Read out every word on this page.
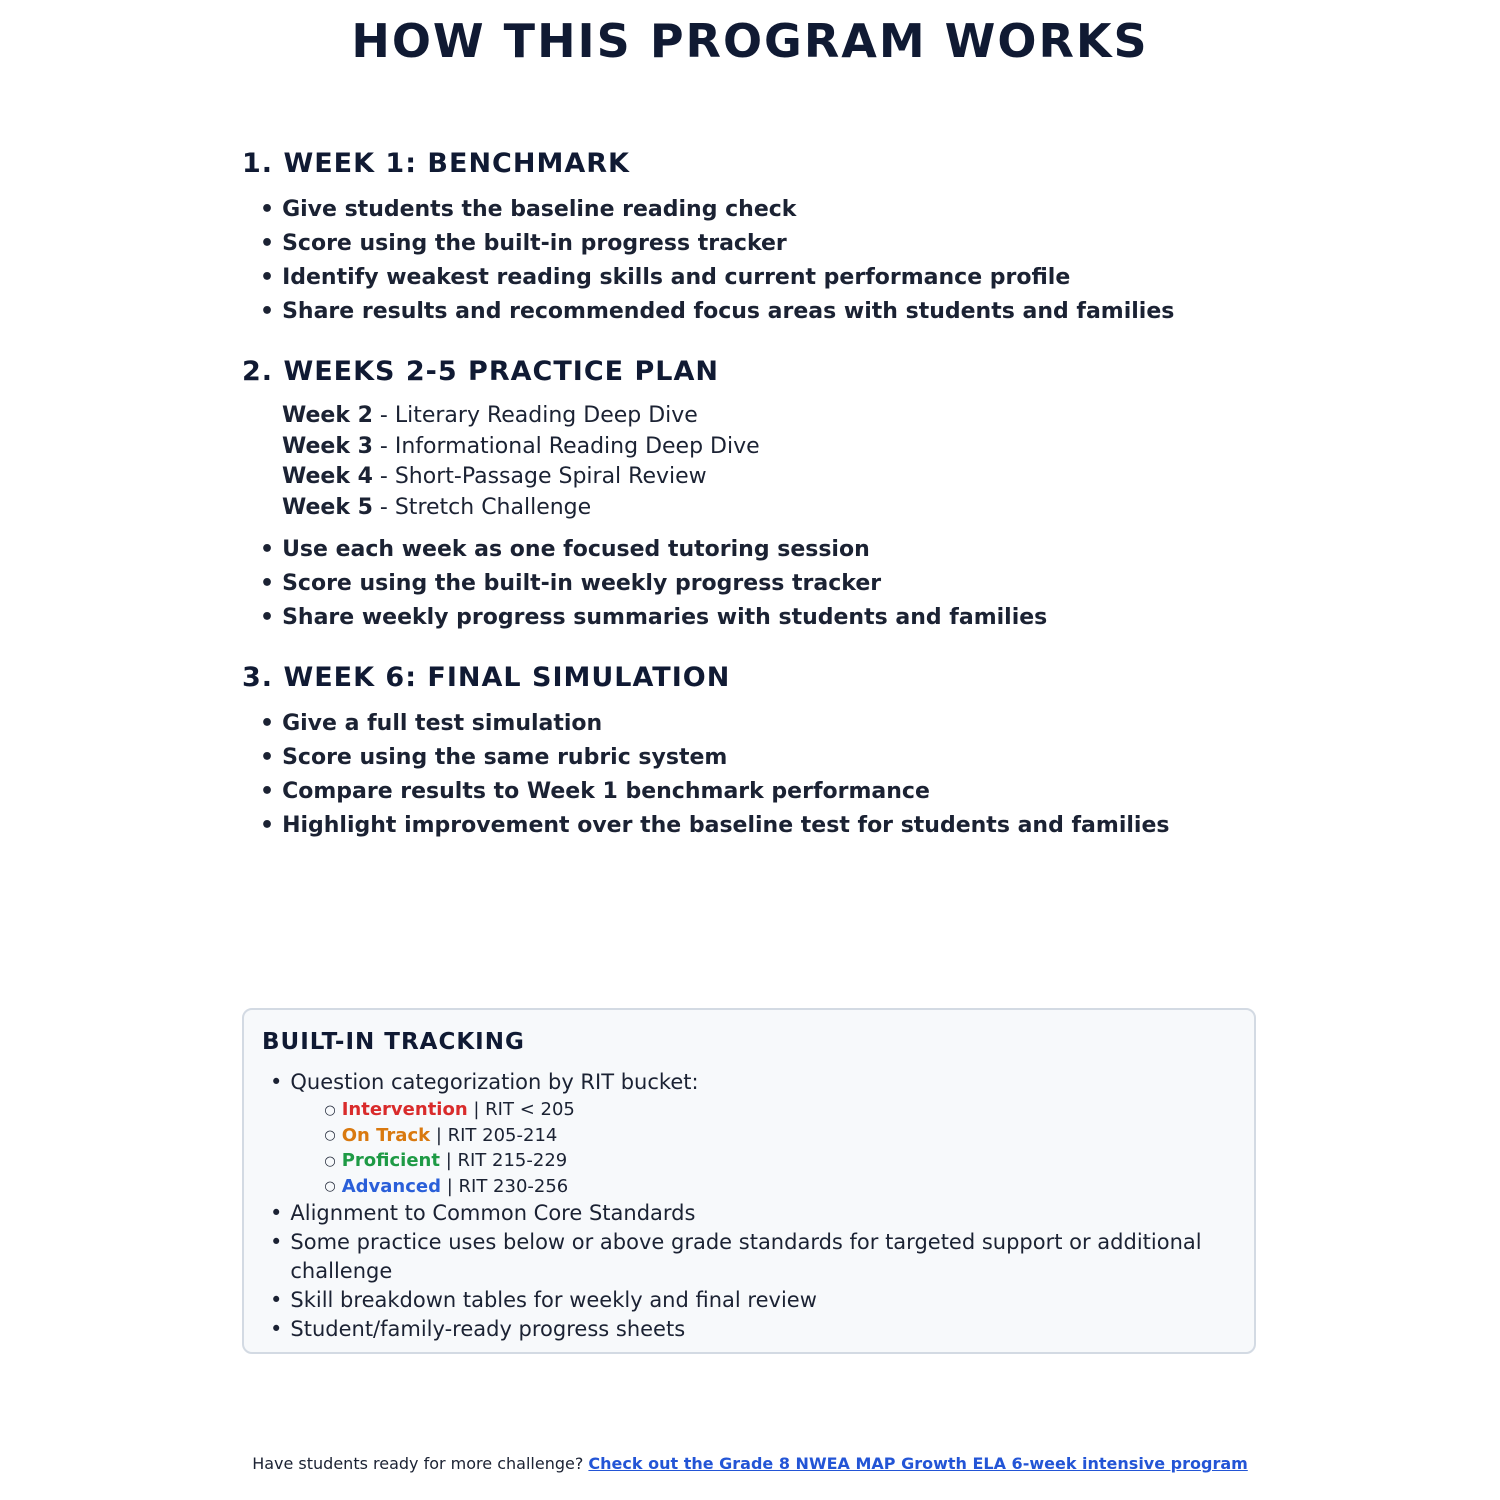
HOW THIS PROGRAM WORKS
1. WEEK 1: BENCHMARK
• Give students the baseline reading check
• Score using the built-in progress tracker
• Identify weakest reading skills and current performance profile
• Share results and recommended focus areas with students and families
2. WEEKS 2-5 PRACTICE PLAN
Week 2 - Literary Reading Deep Dive
Week 3 - Informational Reading Deep Dive
Week 4 - Short-Passage Spiral Review
Week 5 - Stretch Challenge
• Use each week as one focused tutoring session
• Score using the built-in weekly progress tracker
• Share weekly progress summaries with students and families
3. WEEK 6: FINAL SIMULATION
• Give a full test simulation
• Score using the same rubric system
• Compare results to Week 1 benchmark performance
• Highlight improvement over the baseline test for students and families
BUILT-IN TRACKING
• Question categorization by RIT bucket:
○ Intervention | RIT < 205
○ On Track | RIT 205-214
○ Proficient | RIT 215-229
○ Advanced | RIT 230-256
• Alignment to Common Core Standards
• Some practice uses below or above grade standards for targeted support or additional challenge
• Skill breakdown tables for weekly and final review
• Student/family-ready progress sheets
Have students ready for more challenge? Check out the Grade 8 NWEA MAP Growth ELA 6-week intensive program
